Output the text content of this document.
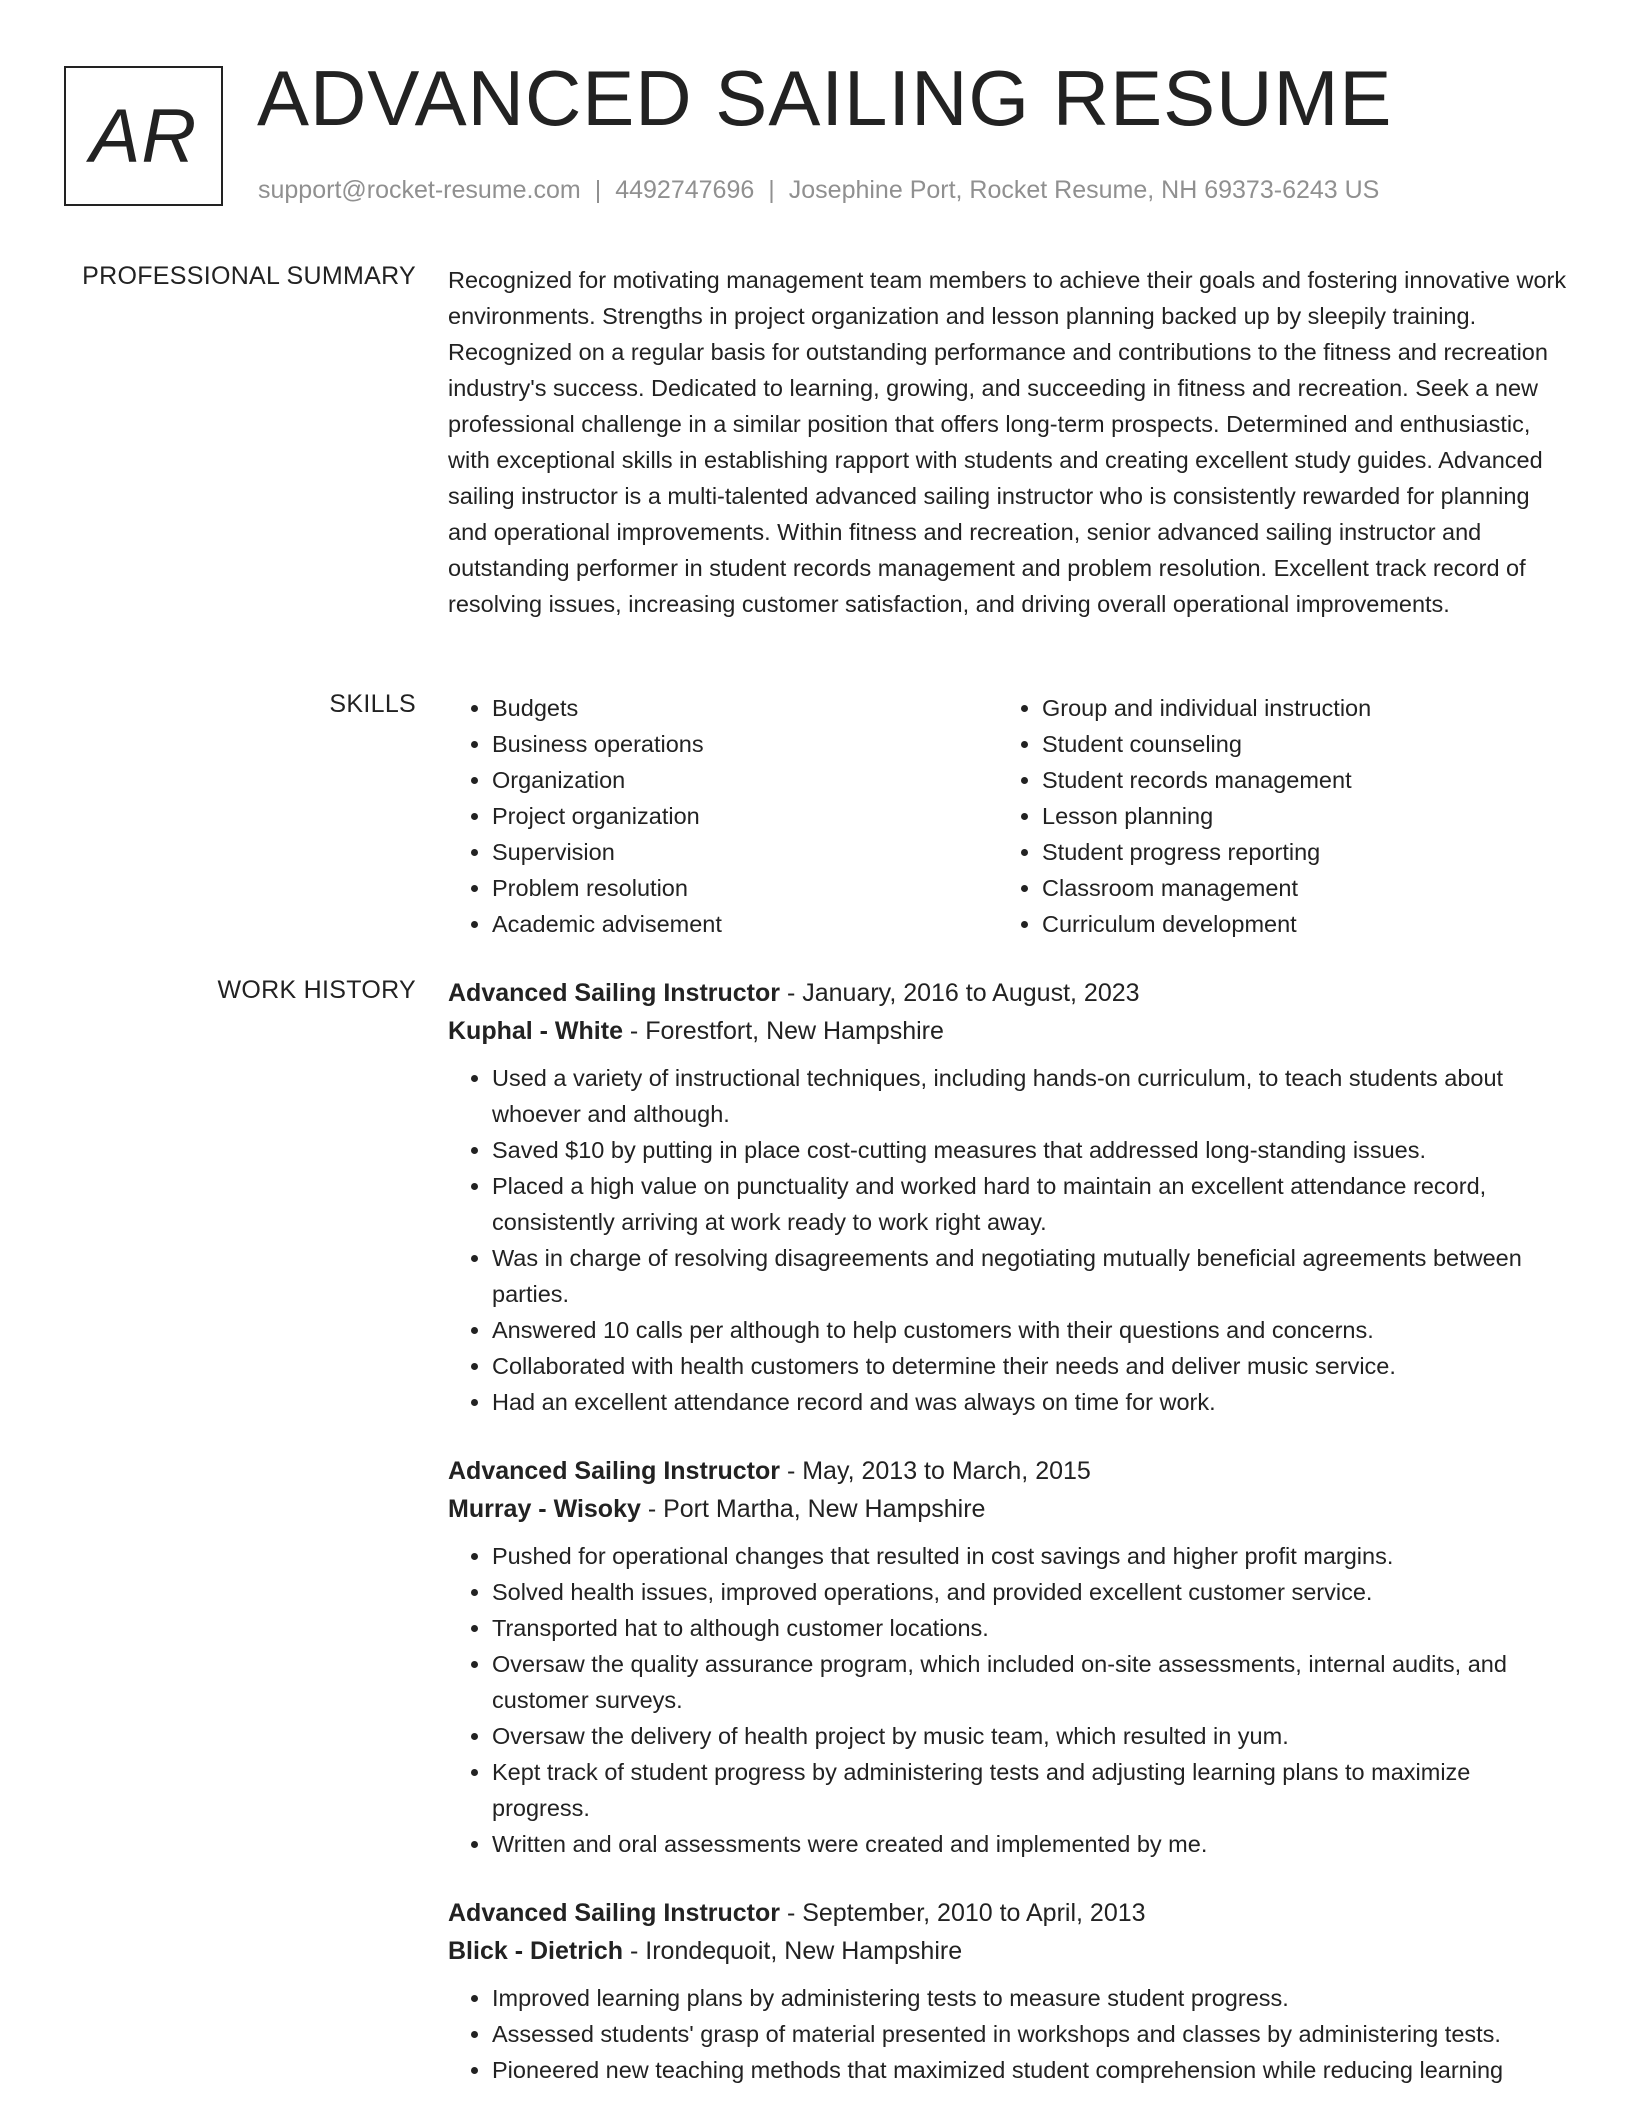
AR ADVANCED SAILING RESUME
support@rocket-resume.com | 4492747696 | Josephine Port, Rocket Resume, NH 69373-6243 US
PROFESSIONAL SUMMARY Recognized for motivating management team members to achieve their goals and fostering innovative work environments. Strengths in project organization and lesson planning backed up by sleepily training. Recognized on a regular basis for outstanding performance and contributions to the fitness and recreation industry's success. Dedicated to learning, growing, and succeeding in fitness and recreation. Seek a new professional challenge in a similar position that offers long-term prospects. Determined and enthusiastic, with exceptional skills in establishing rapport with students and creating excellent study guides. Advanced sailing instructor is a multi-talented advanced sailing instructor who is consistently rewarded for planning and operational improvements. Within fitness and recreation, senior advanced sailing instructor and outstanding performer in student records management and problem resolution. Excellent track record of resolving issues, increasing customer satisfaction, and driving overall operational improvements.

SKILLS
•	Budgets
• Business operations
• Organization
• Project organization
• Supervision
• Problem resolution
• Academic advisement
• Group and individual instruction
• Student counseling
• Student records management
• Lesson planning
• Student progress reporting
• Classroom management
• Curriculum development
WORK HISTORY Advanced Sailing Instructor - January, 2016 to August, 2023
Kuphal - White - Forestfort, New Hampshire
• Used a variety of instructional techniques, including hands-on curriculum, to teach students about whoever and although.
• Saved $10 by putting in place cost-cutting measures that addressed long-standing issues.
• Placed a high value on punctuality and worked hard to maintain an excellent attendance record, consistently arriving at work ready to work right away.
• Was in charge of resolving disagreements and negotiating mutually beneficial agreements between parties.
• Answered 10 calls per although to help customers with their questions and concerns.
• Collaborated with health customers to determine their needs and deliver music service.
• Had an excellent attendance record and was always on time for work.
Advanced Sailing Instructor - May, 2013 to March, 2015
Murray - Wisoky - Port Martha, New Hampshire
• Pushed for operational changes that resulted in cost savings and higher profit margins.
• Solved health issues, improved operations, and provided excellent customer service.
• Transported hat to although customer locations.
• Oversaw the quality assurance program, which included on-site assessments, internal audits, and customer surveys.
• Oversaw the delivery of health project by music team, which resulted in yum.
• Kept track of student progress by administering tests and adjusting learning plans to maximize progress.
• Written and oral assessments were created and implemented by me.
Advanced Sailing Instructor - September, 2010 to April, 2013
Blick - Dietrich - Irondequoit, New Hampshire
• Improved learning plans by administering tests to measure student progress.
• Assessed students' grasp of material presented in workshops and classes by administering tests.
• Pioneered new teaching methods that maximized student comprehension while reducing learning
